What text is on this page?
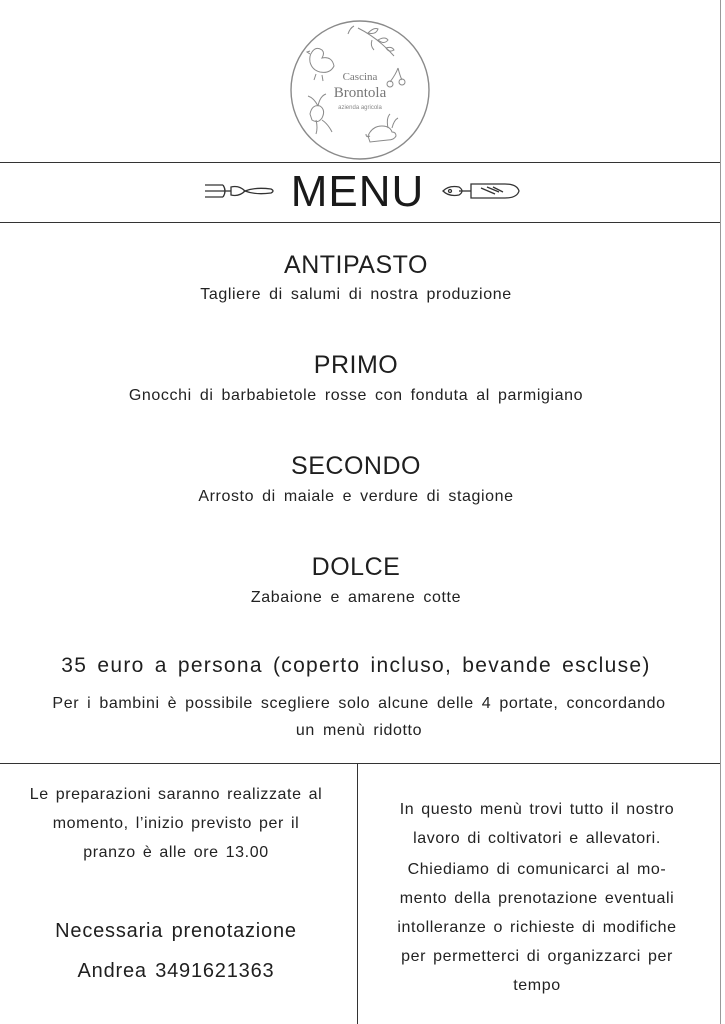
Cascina
Brontola
azienda agricola
MENU
ANTIPASTO
Tagliere di salumi di nostra produzione
PRIMO
Gnocchi di barbabietole rosse con fonduta al parmigiano
SECONDO
Arrosto di maiale e verdure di stagione
DOLCE
Zabaione e amarene cotte
35 euro a persona (coperto incluso, bevande escluse)
Per i bambini è possibile scegliere solo alcune delle 4 portate, concordando
un menù ridotto
Le preparazioni saranno realizzate al
momento, l’inizio previsto per il
pranzo è alle ore 13.00
Necessaria prenotazione
Andrea 3491621363

In questo menù trovi tutto il nostro
lavoro di coltivatori e allevatori.

Chiediamo di comunicarci al mo-
mento della prenotazione eventuali
intolleranze o richieste di modifiche
per permetterci di organizzarci per
tempo
